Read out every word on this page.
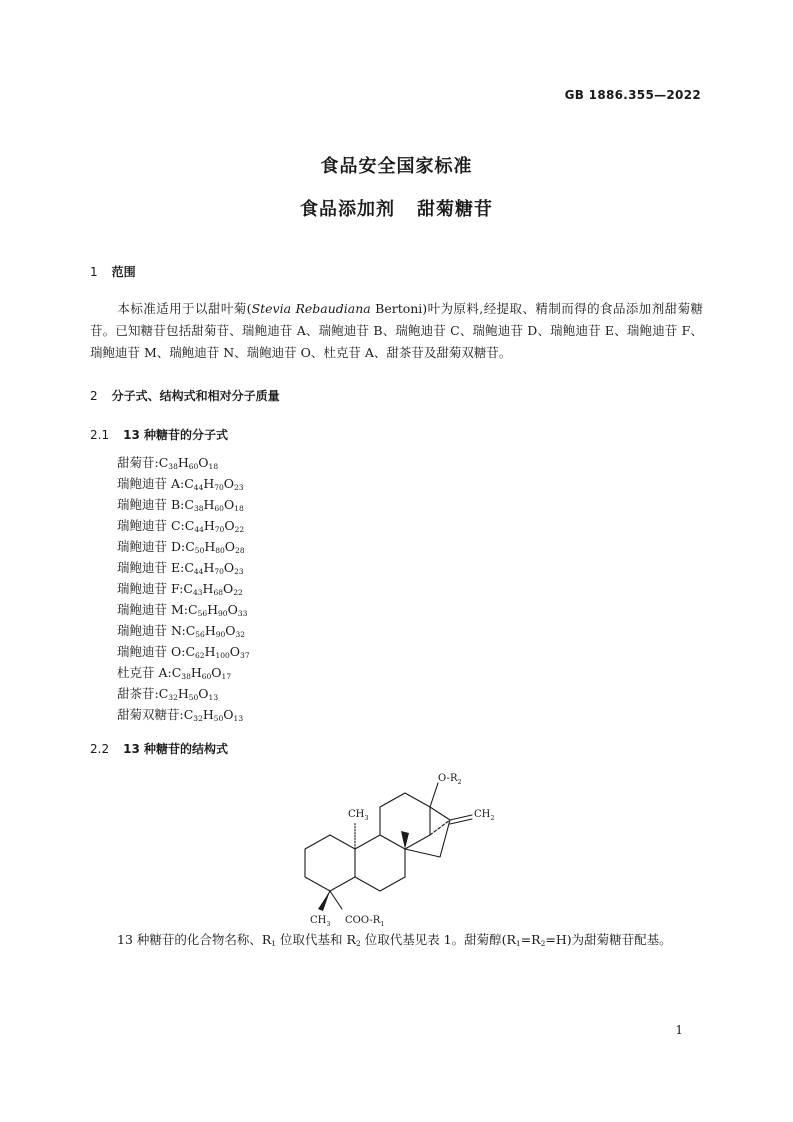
GB 1886.355—2022
食品安全国家标准
食品添加剂 甜菊糖苷
1 范围
本标准适用于以甜叶菊(Stevia Rebaudiana Bertoni)叶为原料,经提取、精制而得的食品添加剂甜菊糖苷。已知糖苷包括甜菊苷、瑞鲍迪苷 A、瑞鲍迪苷 B、瑞鲍迪苷 C、瑞鲍迪苷 D、瑞鲍迪苷 E、瑞鲍迪苷 F、瑞鲍迪苷 M、瑞鲍迪苷 N、瑞鲍迪苷 O、杜克苷 A、甜茶苷及甜菊双糖苷。
2 分子式、结构式和相对分子质量
2.1 13 种糖苷的分子式
甜菊苷$:C_{38}H_{60}O_{18}$
瑞鲍迪苷 $A:C_{44}H_{70}O_{23}$
瑞鲍迪苷 $B:C_{38}H_{60}O_{18}$
瑞鲍迪苷 $C:C_{44}H_{70}O_{22}$
瑞鲍迪苷 $D:C_{50}H_{80}O_{28}$
瑞鲍迪苷 $E:C_{44}H_{70}O_{23}$
瑞鲍迪苷 $F:C_{43}H_{68}O_{22}$
瑞鲍迪苷 $M:C_{56}H_{90}O_{33}$
瑞鲍迪苷 $N:C_{56}H_{90}O_{32}$
瑞鲍迪苷 $O:C_{62}H_{100}O_{37}$
杜克苷 $A:C_{38}H_{60}O_{17}$
甜茶苷$:C_{32}H_{50}O_{13}$
甜菊双糖苷$:C_{32}H_{50}O_{13}$
2.2 13 种糖苷的结构式
$O-R_2$
$CH_3$	$CH_2$
$CH_3$ COO-$R_1$
13 种糖苷的化合物名称、$R_1$ 位取代基和 $R_2$ 位取代基见表 1。甜菊醇$(R_1=R_2=H)$为甜菊糖苷配基。
1
